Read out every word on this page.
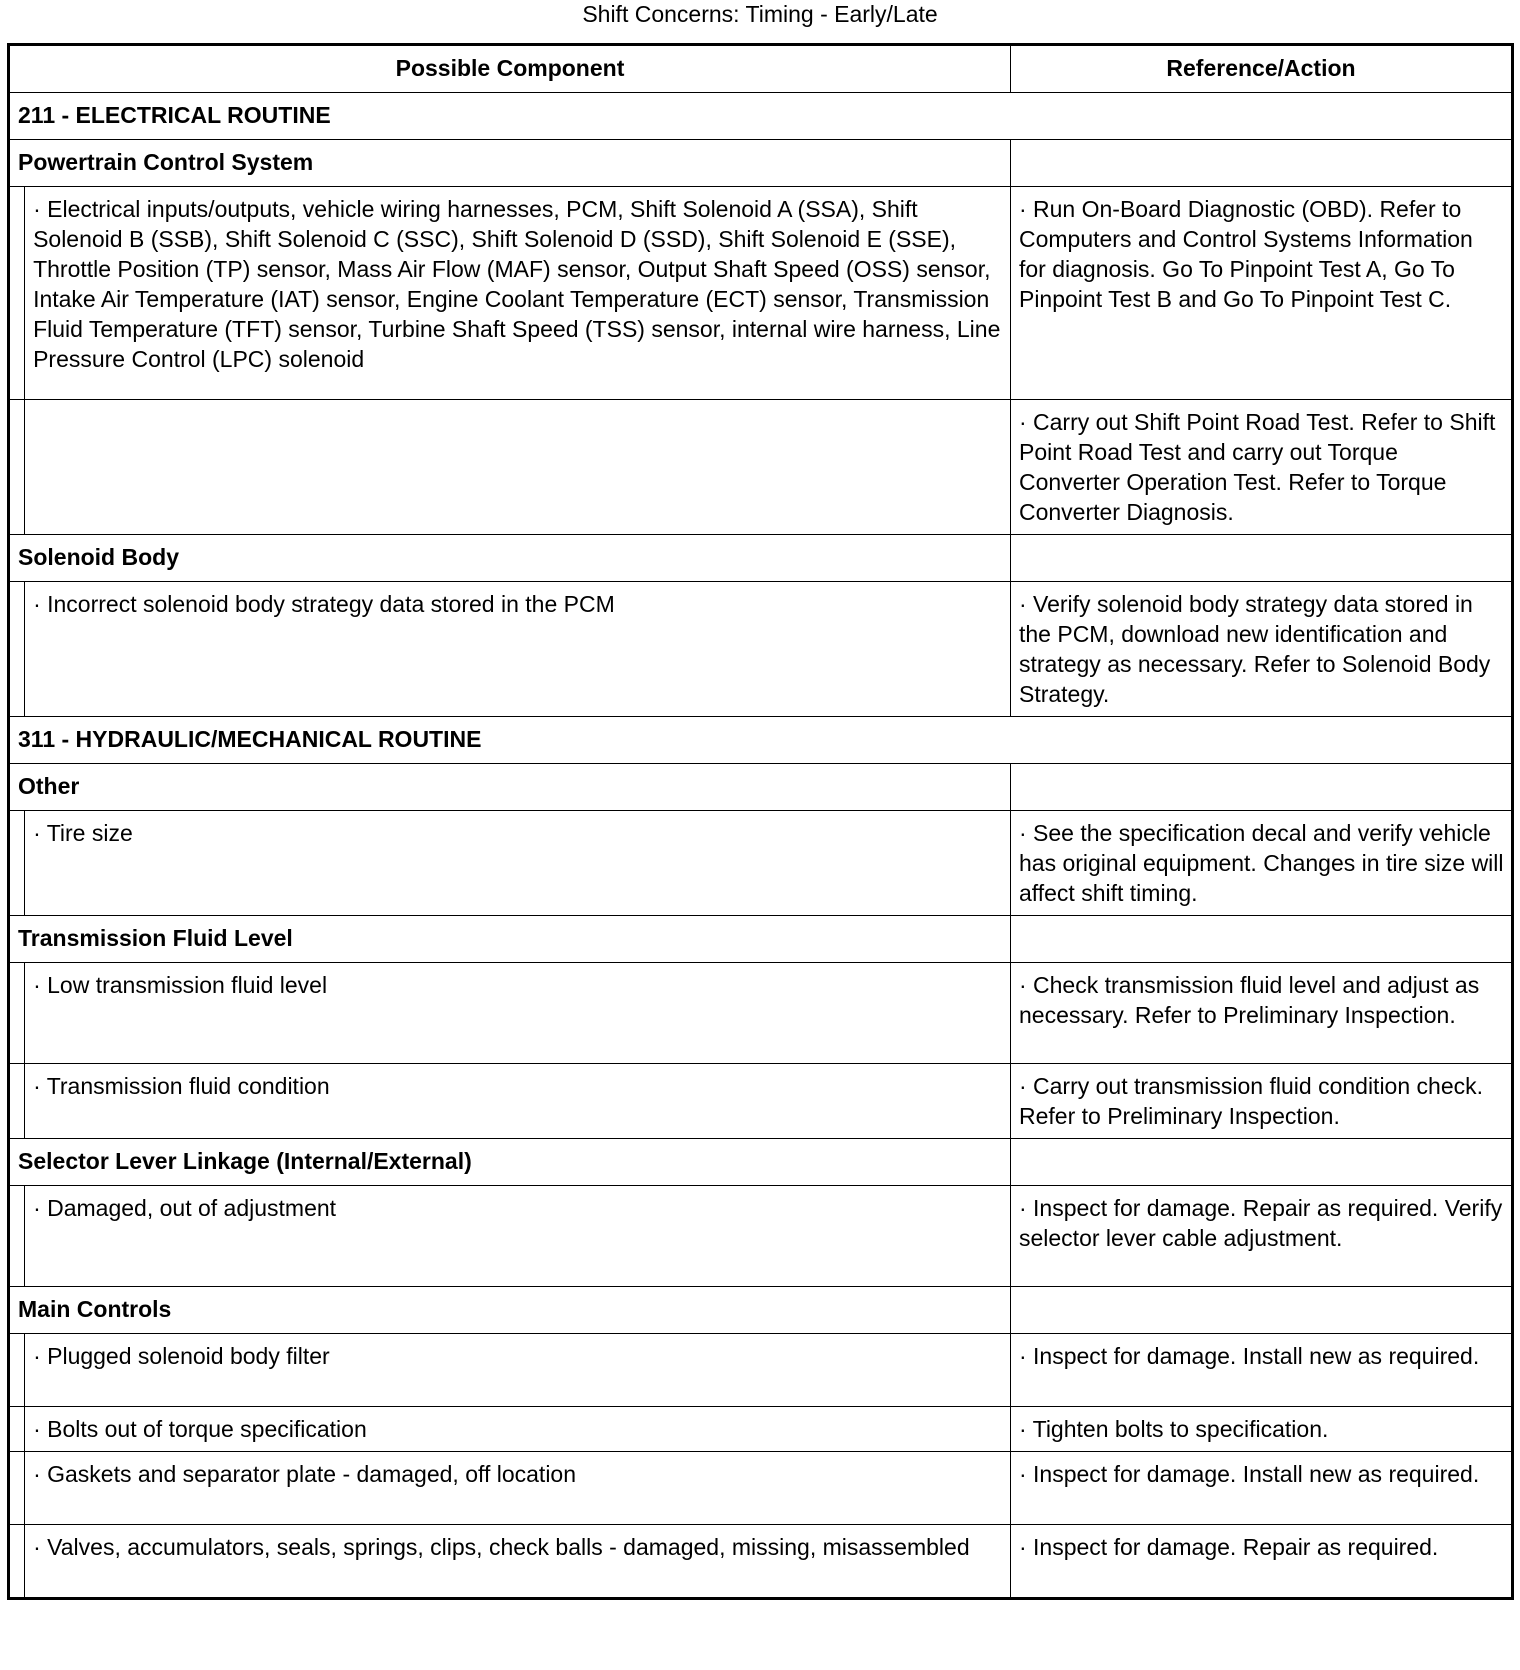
Shift Concerns: Timing - Early/Late
Possible Component		Reference/Action
211 - ELECTRICAL ROUTINE		
Powertrain Control System		
	· Electrical inputs/outputs, vehicle wiring harnesses, PCM, Shift Solenoid A (SSA), Shift Solenoid B (SSB), Shift Solenoid C (SSC), Shift Solenoid D (SSD), Shift Solenoid E (SSE), Throttle Position (TP) sensor, Mass Air Flow (MAF) sensor, Output Shaft Speed (OSS) sensor, Intake Air Temperature (IAT) sensor, Engine Coolant Temperature (ECT) sensor, Transmission Fluid Temperature (TFT) sensor, Turbine Shaft Speed (TSS) sensor, internal wire harness, Line Pressure Control (LPC) solenoid	· Run On-Board Diagnostic (OBD). Refer to Computers and Control Systems Information for diagnosis. Go To Pinpoint Test A, Go To Pinpoint Test B and Go To Pinpoint Test C.
		· Carry out Shift Point Road Test. Refer to Shift Point Road Test and carry out Torque Converter Operation Test. Refer to Torque Converter Diagnosis.
Solenoid Body		
	· Incorrect solenoid body strategy data stored in the PCM	· Verify solenoid body strategy data stored in the PCM, download new identification and strategy as necessary. Refer to Solenoid Body Strategy.
311 - HYDRAULIC/MECHANICAL ROUTINE		
Other		
	· Tire size	· See the specification decal and verify vehicle has original equipment. Changes in tire size will affect shift timing.
Transmission Fluid Level		
	· Low transmission fluid level	· Check transmission fluid level and adjust as necessary. Refer to Preliminary Inspection.
	· Transmission fluid condition	· Carry out transmission fluid condition check. Refer to Preliminary Inspection.
Selector Lever Linkage (Internal/External)		
	· Damaged, out of adjustment	· Inspect for damage. Repair as required. Verify selector lever cable adjustment.
Main Controls		
	· Plugged solenoid body filter	· Inspect for damage. Install new as required.
	· Bolts out of torque specification	· Tighten bolts to specification.
	· Gaskets and separator plate - damaged, off location	· Inspect for damage. Install new as required.
	· Valves, accumulators, seals, springs, clips, check balls - damaged, missing, misassembled	· Inspect for damage. Repair as required.
